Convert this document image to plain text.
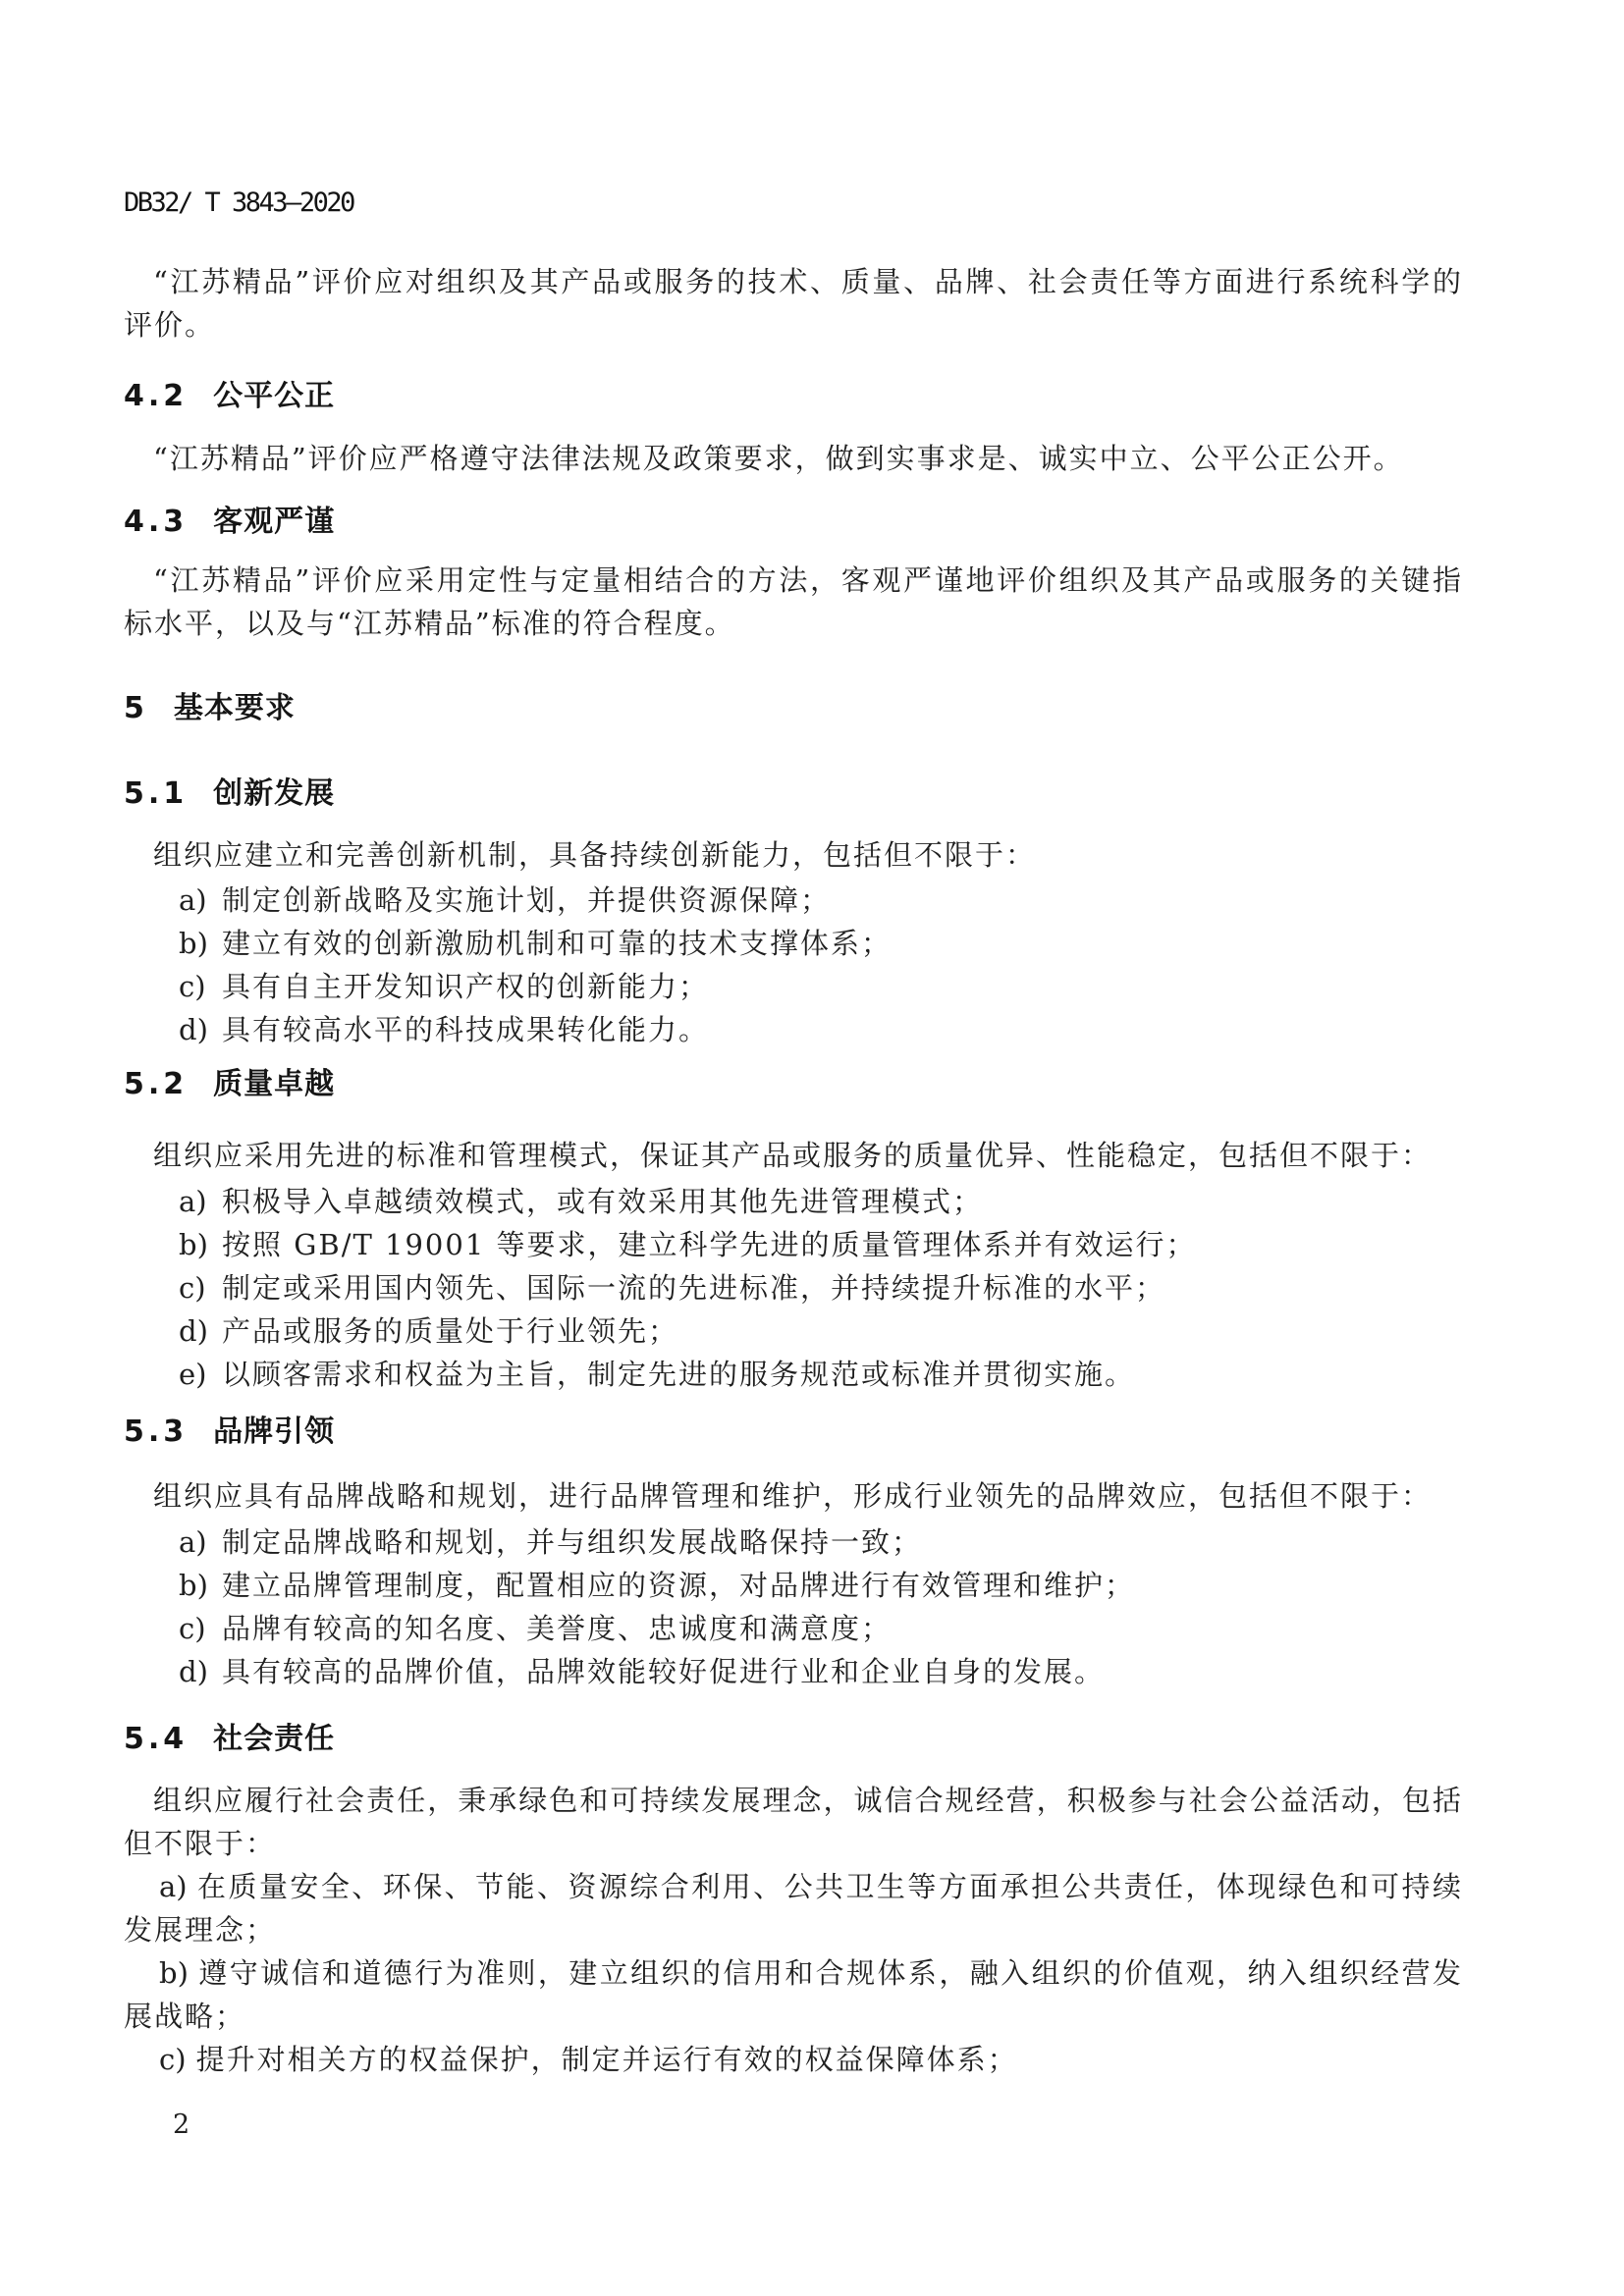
DB32/ T 3843—2020

“江苏精品”评价应对组织及其产品或服务的技术、质量、品牌、社会责任等方面进行系统科学的评价。

4.2 公平公正

“江苏精品”评价应严格遵守法律法规及政策要求，做到实事求是、诚实中立、公平公正公开。

4.3 客观严谨

“江苏精品”评价应采用定性与定量相结合的方法，客观严谨地评价组织及其产品或服务的关键指标水平，以及与“江苏精品”标准的符合程度。

5 基本要求
5.1 创新发展

组织应建立和完善创新机制，具备持续创新能力，包括但不限于：

a) 制定创新战略及实施计划，并提供资源保障；
b) 建立有效的创新激励机制和可靠的技术支撑体系；
c) 具有自主开发知识产权的创新能力；
d) 具有较高水平的科技成果转化能力。
5.2 质量卓越

组织应采用先进的标准和管理模式，保证其产品或服务的质量优异、性能稳定，包括但不限于：

a) 积极导入卓越绩效模式，或有效采用其他先进管理模式；
b) 按照 GB/T 19001 等要求，建立科学先进的质量管理体系并有效运行；
c) 制定或采用国内领先、国际一流的先进标准，并持续提升标准的水平；
d) 产品或服务的质量处于行业领先；
e) 以顾客需求和权益为主旨，制定先进的服务规范或标准并贯彻实施。
5.3 品牌引领

组织应具有品牌战略和规划，进行品牌管理和维护，形成行业领先的品牌效应，包括但不限于：

a) 制定品牌战略和规划，并与组织发展战略保持一致；
b) 建立品牌管理制度，配置相应的资源，对品牌进行有效管理和维护；
c) 品牌有较高的知名度、美誉度、忠诚度和满意度；
d) 具有较高的品牌价值，品牌效能较好促进行业和企业自身的发展。
5.4 社会责任

组织应履行社会责任，秉承绿色和可持续发展理念，诚信合规经营，积极参与社会公益活动，包括但不限于：

a) 在质量安全、环保、节能、资源综合利用、公共卫生等方面承担公共责任，体现绿色和可持续发展理念；

b) 遵守诚信和道德行为准则，建立组织的信用和合规体系，融入组织的价值观，纳入组织经营发展战略；

c) 提升对相关方的权益保护，制定并运行有效的权益保障体系；

2
